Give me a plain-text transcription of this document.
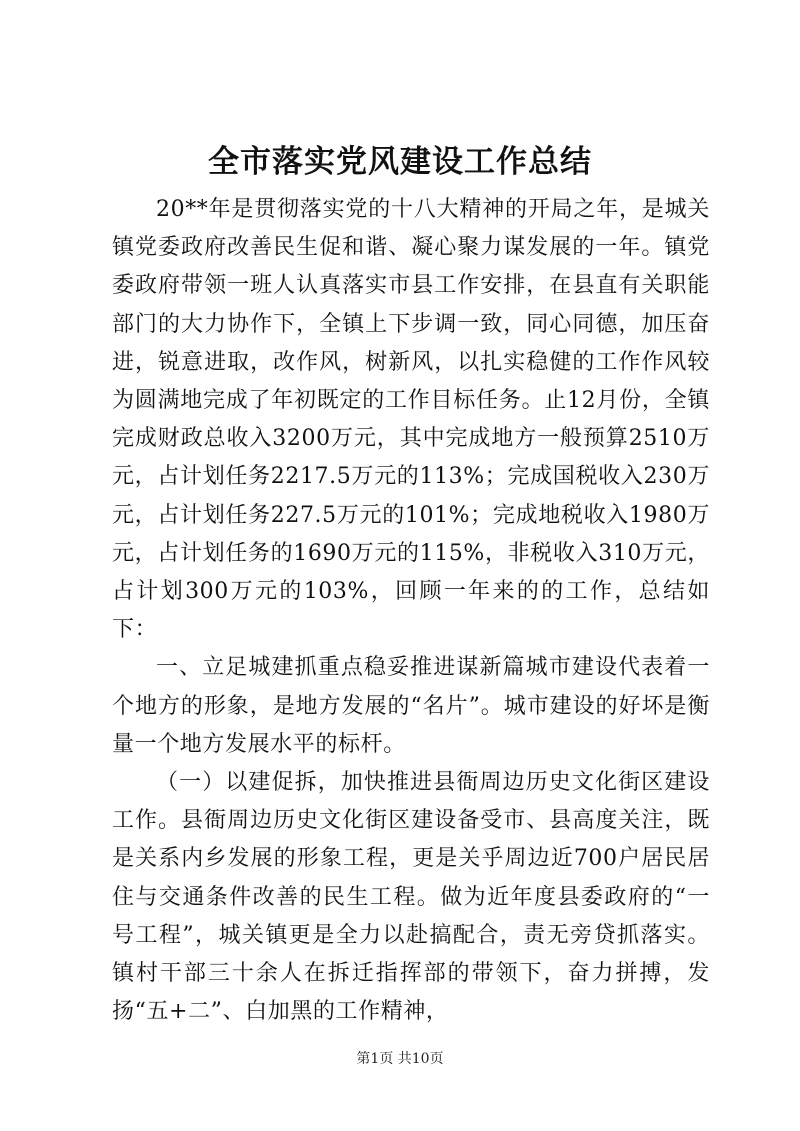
全市落实党风建设工作总结

20**年是贯彻落实党的十八大精神的开局之年，是城关镇党委政府改善民生促和谐、凝心聚力谋发展的一年。镇党委政府带领一班人认真落实市县工作安排，在县直有关职能部门的大力协作下，全镇上下步调一致，同心同德，加压奋进，锐意进取，改作风，树新风，以扎实稳健的工作作风较为圆满地完成了年初既定的工作目标任务。止12月份，全镇完成财政总收入3200万元，其中完成地方一般预算2510万元，占计划任务2217.5万元的113%；完成国税收入230万元，占计划任务227.5万元的101%；完成地税收入1980万元，占计划任务的1690万元的115%，非税收入310万元，占计划300万元的103%，回顾一年来的的工作，总结如下：

一、立足城建抓重点稳妥推进谋新篇城市建设代表着一个地方的形象，是地方发展的“名片”。城市建设的好坏是衡量一个地方发展水平的标杆。

（一）以建促拆，加快推进县衙周边历史文化街区建设工作。县衙周边历史文化街区建设备受市、县高度关注，既是关系内乡发展的形象工程，更是关乎周边近700户居民居住与交通条件改善的民生工程。做为近年度县委政府的“一号工程”，城关镇更是全力以赴搞配合，责无旁贷抓落实。镇村干部三十余人在拆迁指挥部的带领下，奋力拼搏，发扬“五+二”、白加黑的工作精神，

第1页 共10页
